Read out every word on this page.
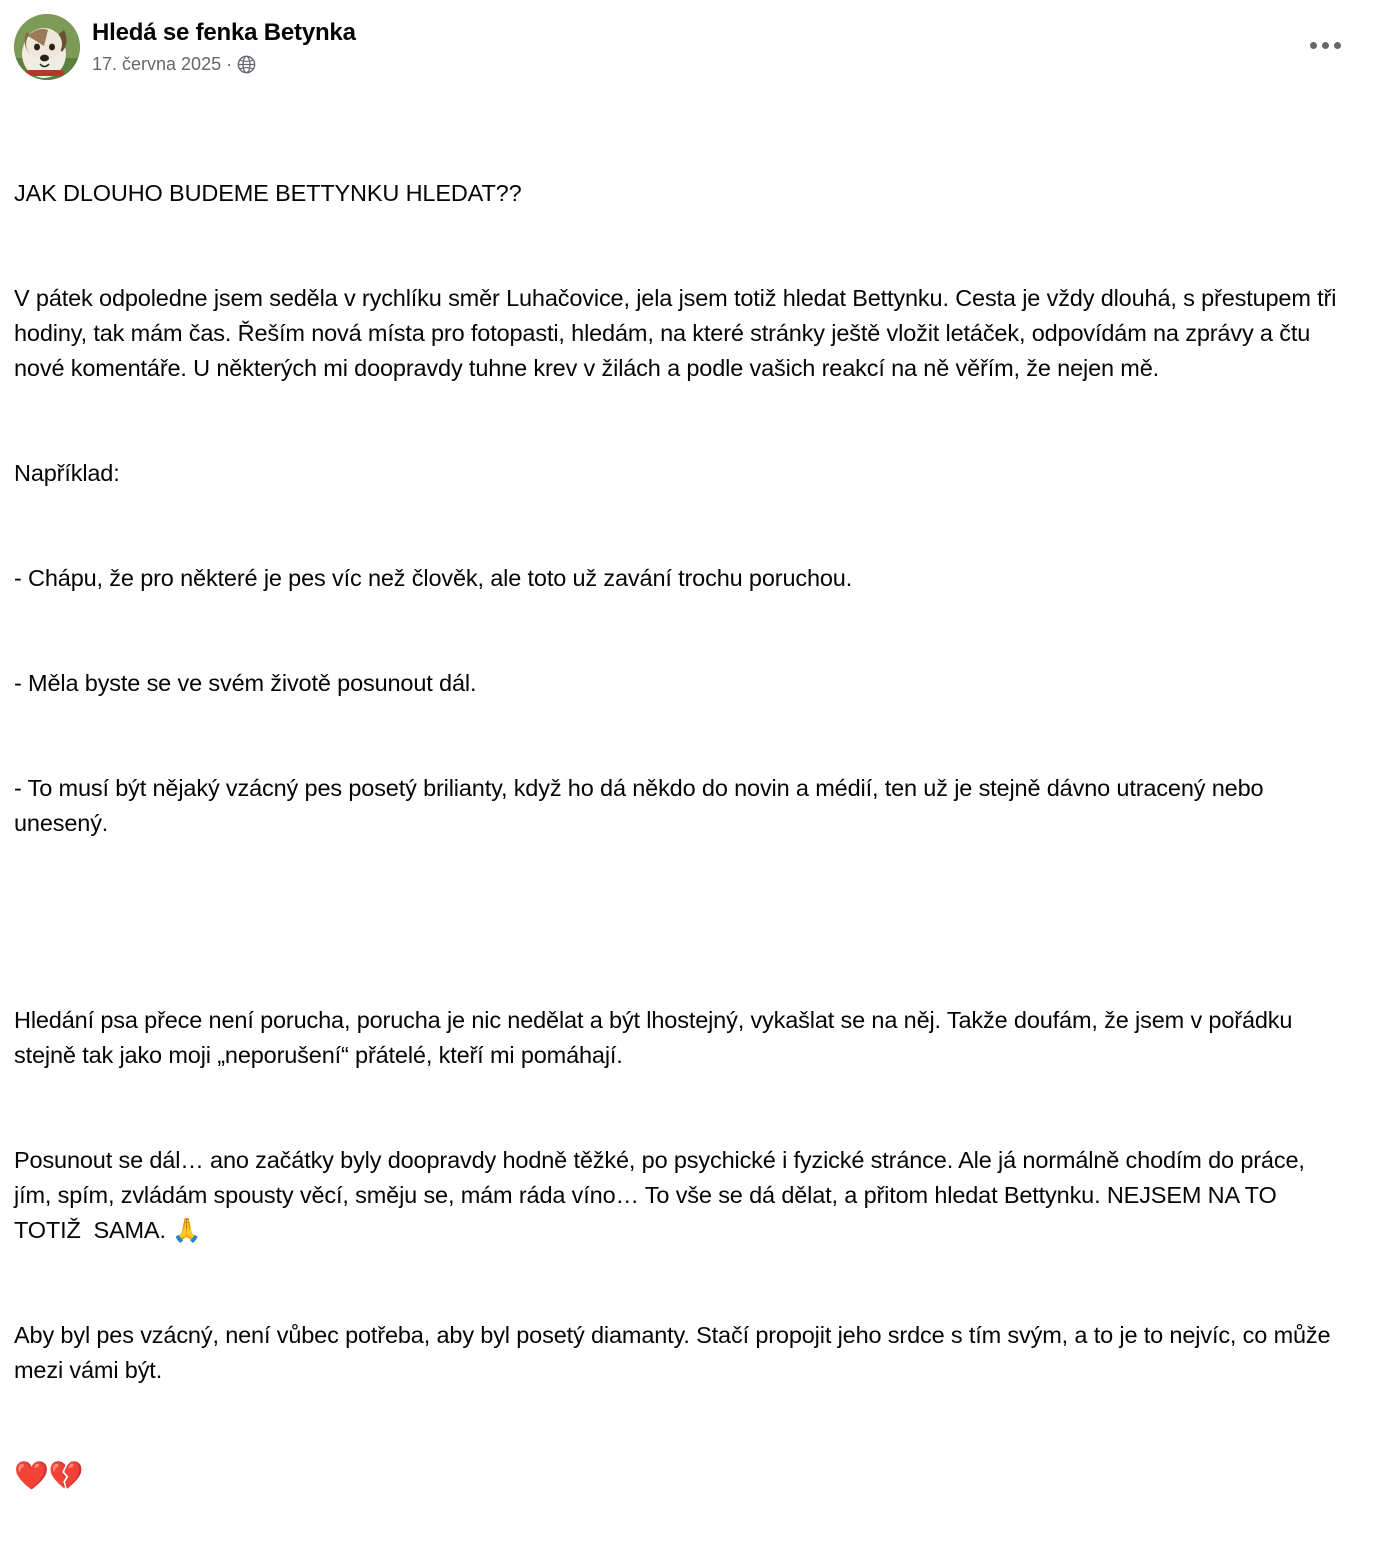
Hledá se fenka Betynka
17. června 2025 ·

JAK DLOUHO BUDEME BETTYNKU HLEDAT??

V pátek odpoledne jsem seděla v rychlíku směr Luhačovice, jela jsem totiž hledat Bettynku. Cesta je vždy dlouhá, s přestupem tři hodiny, tak mám čas. Řeším nová místa pro fotopasti, hledám, na které stránky ještě vložit letáček, odpovídám na zprávy a čtu nové komentáře. U některých mi doopravdy tuhne krev v žilách a podle vašich reakcí na ně věřím, že nejen mě.

Například:

- Chápu, že pro některé je pes víc než člověk, ale toto už zavání trochu poruchou.

- Měla byste se ve svém životě posunout dál.

- To musí být nějaký vzácný pes posetý brilianty, když ho dá někdo do novin a médií, ten už je stejně dávno utracený nebo unesený.

Hledání psa přece není porucha, porucha je nic nedělat a být lhostejný, vykašlat se na něj. Takže doufám, že jsem v pořádku stejně tak jako moji „neporušení“ přátelé, kteří mi pomáhají.

Posunout se dál… ano začátky byly doopravdy hodně těžké, po psychické i fyzické stránce. Ale já normálně chodím do práce, jím, spím, zvládám spousty věcí, směju se, mám ráda víno… To vše se dá dělat, a přitom hledat Bettynku. NEJSEM NA TO TOTIŽ  SAMA. 🙏

Aby byl pes vzácný, není vůbec potřeba, aby byl posetý diamanty. Stačí propojit jeho srdce s tím svým, a to je to nejvíc, co může mezi vámi být.

❤️💔
